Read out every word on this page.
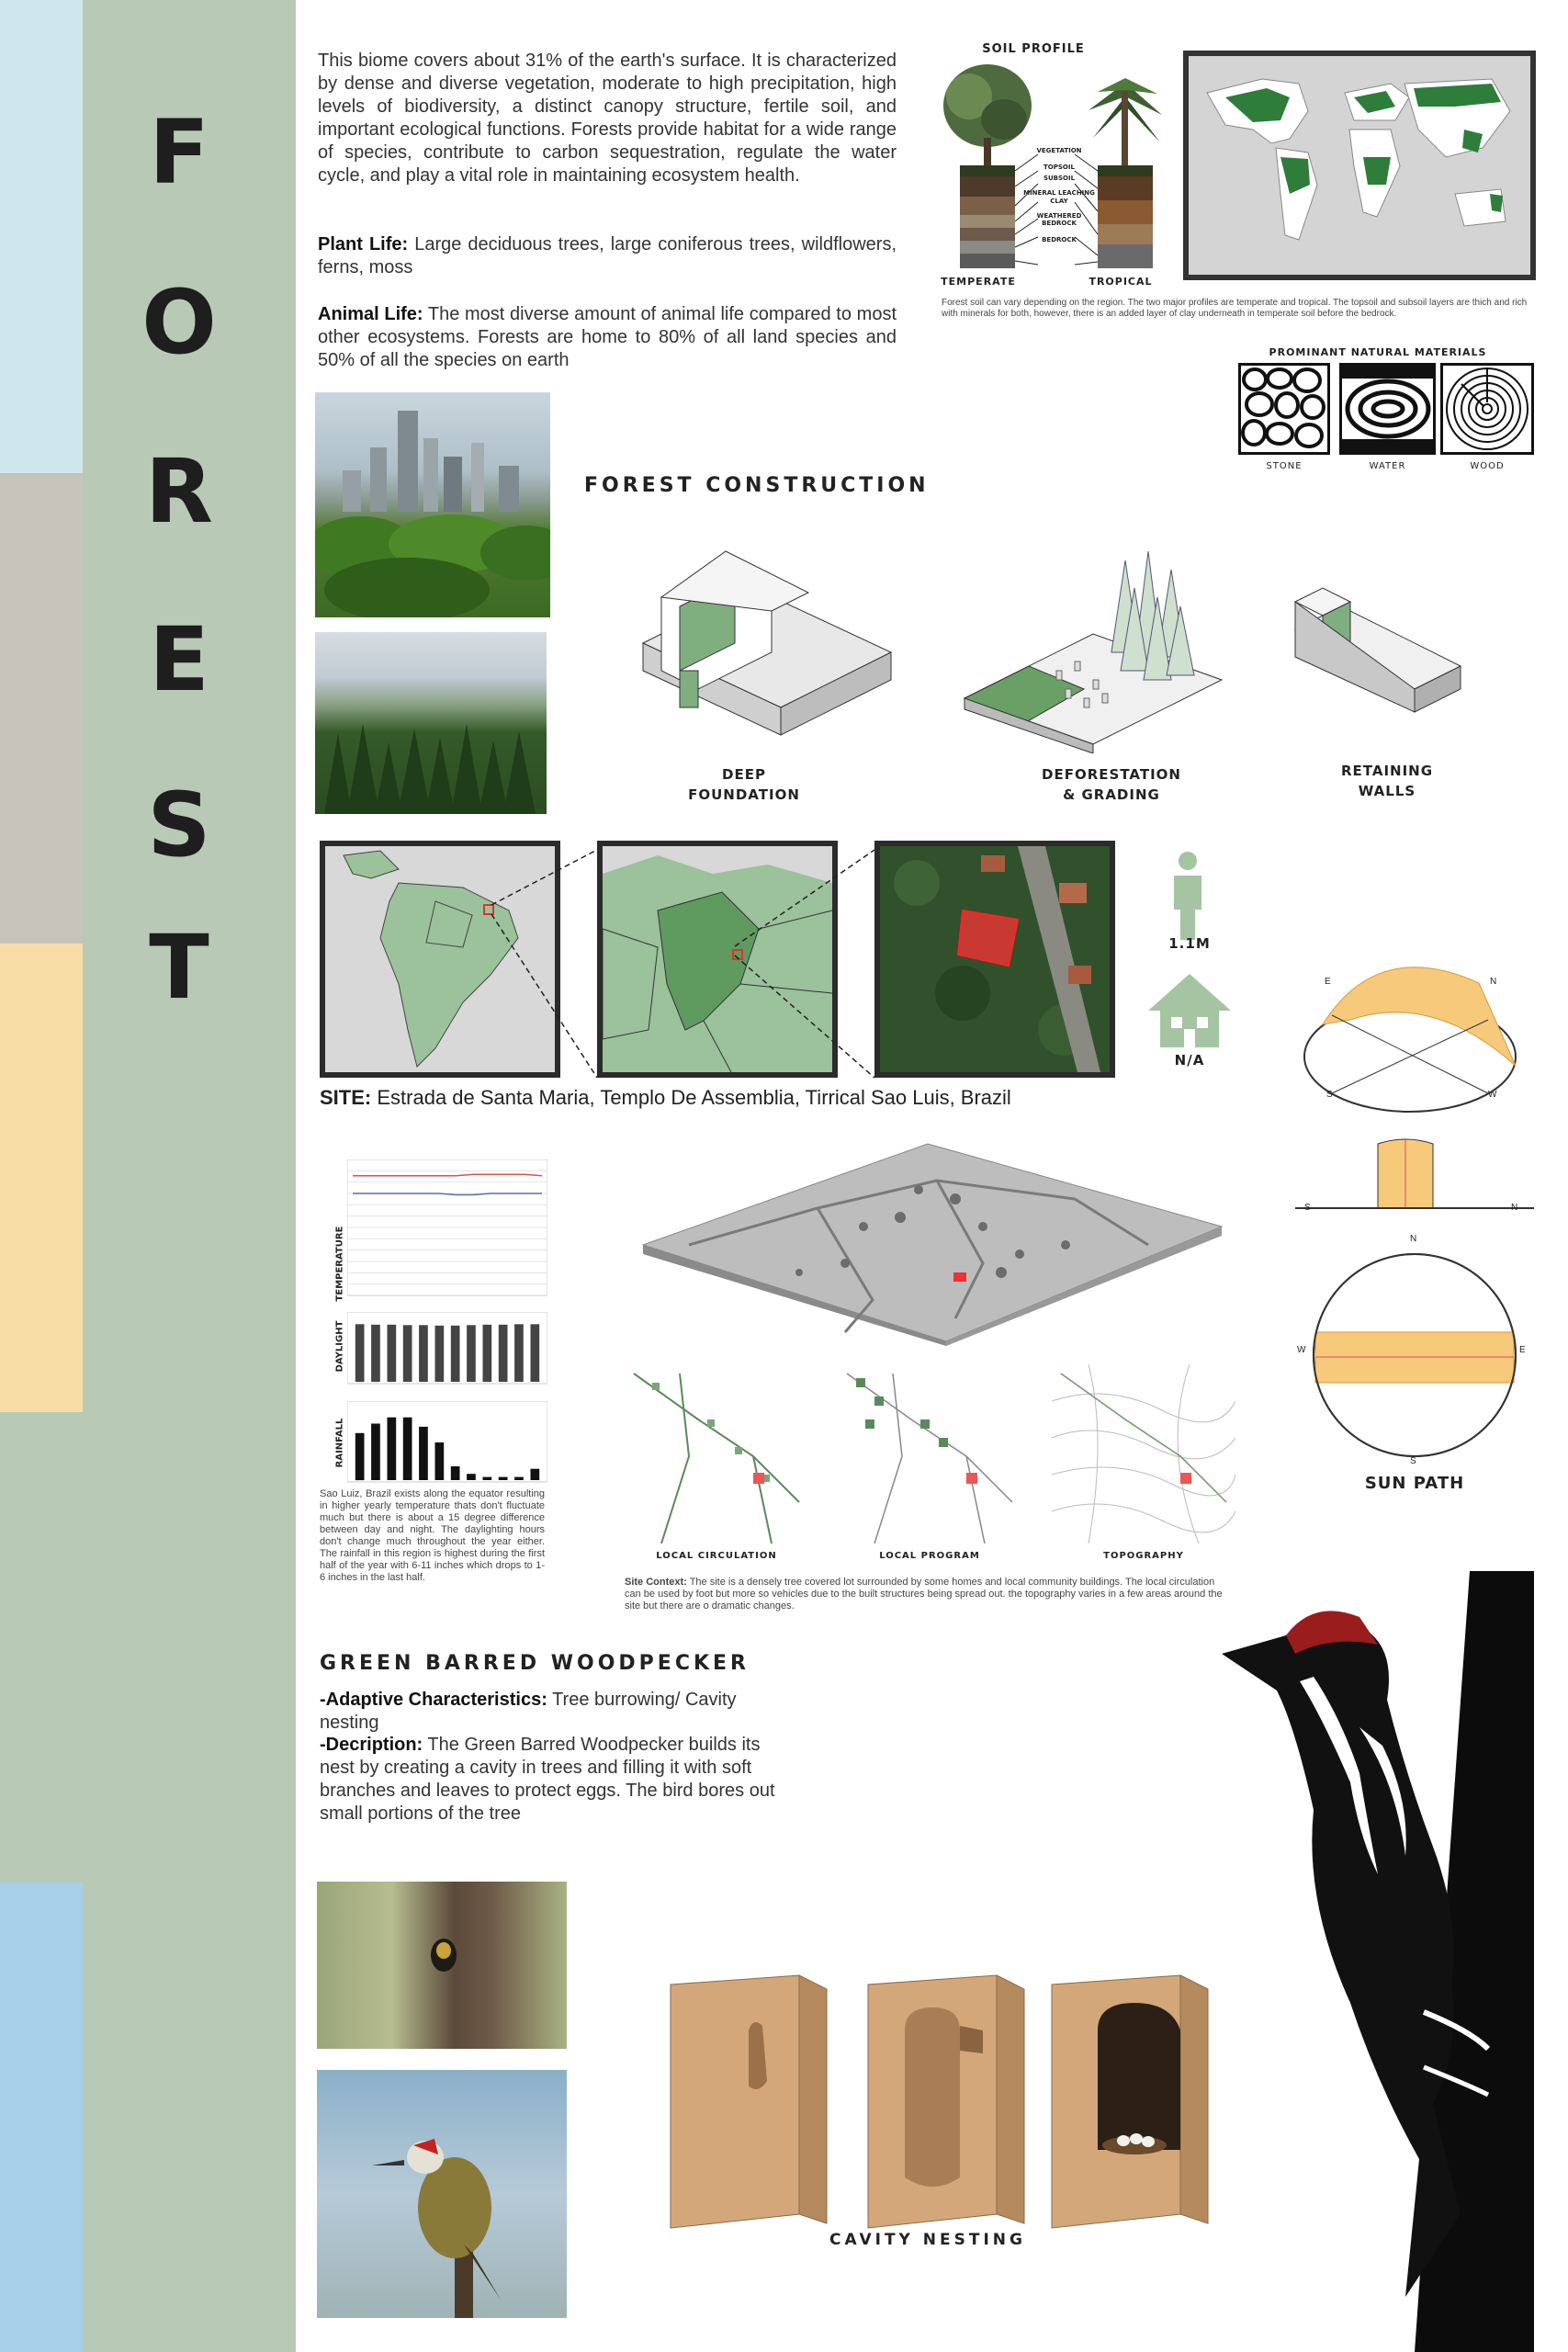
F
O
R
E
S
T
This biome covers about 31% of the earth's surface. It is characterized by dense and diverse vegetation, moderate to high precipitation, high levels of biodiversity, a distinct canopy structure, fertile soil, and important ecological functions. Forests provide habitat for a wide range of species, contribute to carbon sequestration, regulate the water cycle, and play a vital role in maintaining ecosystem health.
Plant Life: Large deciduous trees, large coniferous trees, wildflowers, ferns, moss
Animal Life: The most diverse amount of animal life compared to most other ecosystems. Forests are home to 80% of all land species and 50% of all the species on earth
SOIL PROFILE
VEGETATION
TOPSOIL
SUBSOIL
MINERAL LEACHING
CLAY
WEATHERED BEDROCK
BEDROCK
TEMPERATE	TROPICAL
Forest soil can vary depending on the region. The two major profiles are temperate and tropical. The topsoil and subsoil layers are thich and rich with minerals for both, however, there is an added layer of clay underneath in temperate soil before the bedrock.
PROMINANT NATURAL MATERIALS
STONE	WATER	WOOD
FOREST CONSTRUCTION
DEEP
FOUNDATION
DEFORESTATION
& GRADING
RETAINING
WALLS
1.1M
N/A
SITE: Estrada de Santa Maria, Templo De Assemblia, Tirrical Sao Luis, Brazil
TEMPERATURE
DAYLIGHT
RAINFALL
Sao Luiz, Brazil exists along the equator resulting in higher yearly temperature thats don't fluctuate much but there is about a 15 degree difference between day and night. The daylighting hours don't change much throughout the year either. The rainfall in this region is highest during the first half of the year with 6-11 inches which drops to 1-6 inches in the last half.
LOCAL CIRCULATION	LOCAL PROGRAM	TOPOGRAPHY
Site Context: The site is a densely tree covered lot surrounded by some homes and local community buildings. The local circulation can be used by foot but more so vehicles due to the built structures being spread out. the topography varies in a few areas around the site but there are o dramatic changes.
E	N
S	W
S	N
N
W	E
S
SUN PATH
GREEN BARRED WOODPECKER
-Adaptive Characteristics: Tree burrowing/ Cavity nesting
-Decription: The Green Barred Woodpecker builds its nest by creating a cavity in trees and filling it with soft branches and leaves to protect eggs. The bird bores out small portions of the tree
CAVITY NESTING
